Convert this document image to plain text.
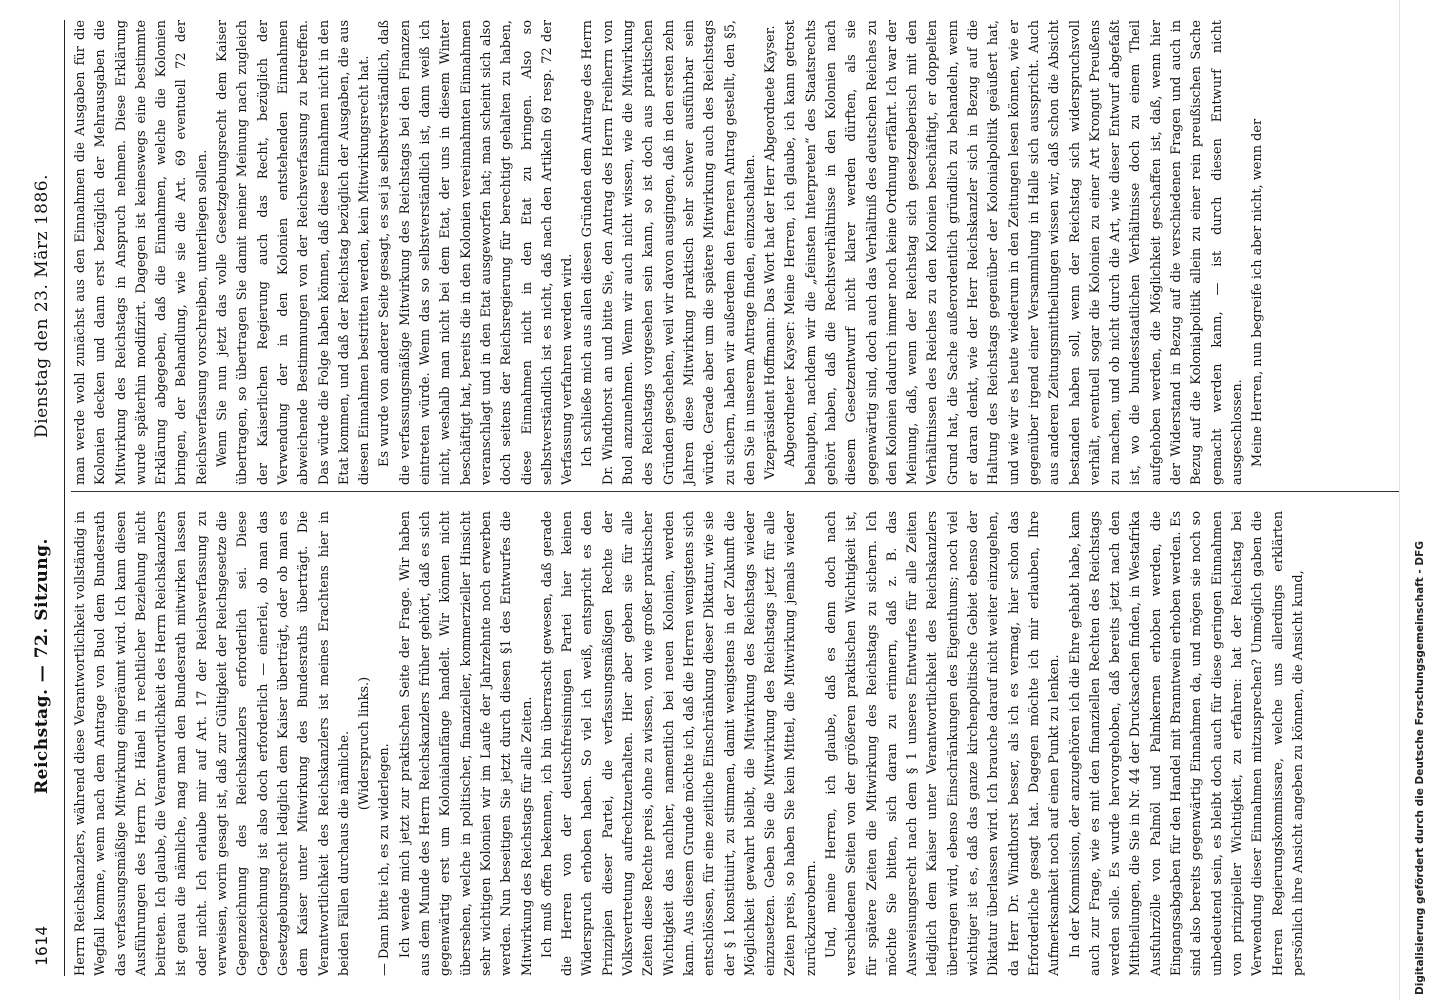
1614
Reichstag. — 72. Sitzung.
Dienstag den 23. März 1886.

Herrn Reichskanzlers, während diese Verantwortlichkeit vollständig in Wegfall komme, wenn nach dem Antrage von Buol dem Bundesrath das verfassungsmäßige Mitwirkung eingeräumt wird. Ich kann diesen Ausführungen des Herrn Dr. Hänel in rechtlicher Beziehung nicht beitreten. Ich glaube, die Verantwortlichkeit des Herrn Reichskanzlers ist genau die nämliche, mag man den Bundesrath mitwirken lassen oder nicht. Ich erlaube mir auf Art. 17 der Reichsverfassung zu verweisen, worin gesagt ist, daß zur Gültigkeit der Reichsgesetze die Gegenzeichnung des Reichskanzlers erforderlich sei. Diese Gegenzeichnung ist also doch erforderlich — einerlei, ob man das Gesetzgebungsrecht lediglich dem Kaiser überträgt, oder ob man es dem Kaiser unter Mitwirkung des Bundesraths überträgt. Die Verantwortlichkeit des Reichskanzlers ist meines Erachtens hier in beiden Fällen durchaus die nämliche. (Widerspruch links.) — Dann bitte ich, es zu widerlegen. Ich wende mich jetzt zur praktischen Seite der Frage. Wir haben aus dem Munde des Herrn Reichskanzlers früher gehört, daß es sich gegenwärtig erst um Kolonialanfänge handelt. Wir können nicht übersehen, welche in politischer, finanzieller, kommerzieller Hinsicht sehr wichtigen Kolonien wir im Laufe der Jahrzehnte noch erwerben werden. Nun beseitigen Sie jetzt durch diesen §1 des Entwurfes die Mitwirkung des Reichstags für alle Zeiten. Ich muß offen bekennen, ich bin überrascht gewesen, daß gerade die Herren von der deutschfreisinnigen Partei hier keinen Widerspruch erhoben haben. So viel ich weiß, entspricht es den Prinzipien dieser Partei, die verfassungsmäßigen Rechte der Volksvertretung aufrechtzuerhalten. Hier aber geben sie für alle Zeiten diese Rechte preis, ohne zu wissen, von wie großer praktischer Wichtigkeit das nachher, namentlich bei neuen Kolonien, werden kann. Aus diesem Grunde möchte ich, daß die Herren wenigstens sich entschlössen, für eine zeitliche Einschränkung dieser Diktatur, wie sie der § 1 konstituirt, zu stimmen, damit wenigstens in der Zukunft die Möglichkeit gewahrt bleibt, die Mitwirkung des Reichstags wieder einzusetzen. Geben Sie die Mitwirkung des Reichstags jetzt für alle Zeiten preis, so haben Sie kein Mittel, die Mitwirkung jemals wieder zurückzuerobern. Und, meine Herren, ich glaube, daß es denn doch nach verschiedenen Seiten von der größeren praktischen Wichtigkeit ist, für spätere Zeiten die Mitwirkung des Reichstags zu sichern. Ich möchte Sie bitten, sich daran zu erinnern, daß z. B. das Ausweisungsrecht nach dem § 1 unseres Entwurfes für alle Zeiten lediglich dem Kaiser unter Verantwortlichkeit des Reichskanzlers übertragen wird, ebenso Einschränkungen des Eigenthums; noch viel wichtiger ist es, daß das ganze kirchenpolitische Gebiet ebenso der Diktatur überlassen wird. Ich brauche darauf nicht weiter einzugehen, da Herr Dr. Windthorst besser, als ich es vermag, hier schon das Erforderliche gesagt hat. Dagegen möchte ich mir erlauben, Ihre Aufmerksamkeit noch auf einen Punkt zu lenken. In der Kommission, der anzugehören ich die Ehre gehabt habe, kam auch zur Frage, wie es mit den finanziellen Rechten des Reichstags werden solle. Es wurde hervorgehoben, daß bereits jetzt nach den Mittheilungen, die Sie in Nr. 44 der Drucksachen finden, in Westafrika Ausfuhrzölle von Palmöl und Palmkernen erhoben werden, die Eingangsabgaben für den Handel mit Branntwein erhoben werden. Es sind also bereits gegenwärtig Einnahmen da, und mögen sie noch so unbedeutend sein, es bleibt doch auch für diese geringen Einnahmen von prinzipieller Wichtigkeit, zu erfahren: hat der Reichstag bei Verwendung dieser Einnahmen mitzusprechen? Unmöglich gaben die Herren Regierungskommissare, welche uns allerdings erklärten persönlich ihre Ansicht angeben zu können, die Ansicht kund,

man werde wohl zunächst aus den Einnahmen die Ausgaben für die Kolonien decken und dann erst bezüglich der Mehrausgaben die Mitwirkung des Reichstags in Anspruch nehmen. Diese Erklärung wurde späterhin modifizirt. Dagegen ist keineswegs eine bestimmte Erklärung abgegeben, daß die Einnahmen, welche die Kolonien bringen, der Behandlung, wie sie die Art. 69 eventuell 72 der Reichsverfassung vorschreiben, unterliegen sollen. Wenn Sie nun jetzt das volle Gesetzgebungsrecht dem Kaiser übertragen, so übertragen Sie damit meiner Meinung nach zugleich der Kaiserlichen Regierung auch das Recht, bezüglich der Verwendung der in den Kolonien entstehenden Einnahmen abweichende Bestimmungen von der Reichsverfassung zu betreffen. Das würde die Folge haben können, daß diese Einnahmen nicht in den Etat kommen, und daß der Reichstag bezüglich der Ausgaben, die aus diesen Einnahmen bestritten werden, kein Mitwirkungsrecht hat. Es wurde von anderer Seite gesagt, es sei ja selbstverständlich, daß die verfassungsmäßige Mitwirkung des Reichstags bei den Finanzen eintreten würde. Wenn das so selbstverständlich ist, dann weiß ich nicht, weshalb man nicht bei dem Etat, der uns in diesem Winter beschäftigt hat, bereits die in den Kolonien vereinnahmten Einnahmen veranschlagt und in den Etat ausgeworfen hat; man scheint sich also doch seitens der Reichsregierung für berechtigt gehalten zu haben, diese Einnahmen nicht in den Etat zu bringen. Also so selbstverständlich ist es nicht, daß nach den Artikeln 69 resp. 72 der Verfassung verfahren werden wird. Ich schließe mich aus allen diesen Gründen dem Antrage des Herrn Dr. Windthorst an und bitte Sie, den Antrag des Herrn Freiherrn von Buol anzunehmen. Wenn wir auch nicht wissen, wie die Mitwirkung des Reichstags vorgesehen sein kann, so ist doch aus praktischen Gründen geschehen, weil wir davon ausgingen, daß in den ersten zehn Jahren diese Mitwirkung praktisch sehr schwer ausführbar sein würde. Gerade aber um die spätere Mitwirkung auch des Reichstags zu sichern, haben wir außerdem den ferneren Antrag gestellt, den §5, den Sie in unserem Antrage finden, einzuschalten. Vizepräsident Hoffmann: Das Wort hat der Herr Abgeordnete Kayser. Abgeordneter Kayser: Meine Herren, ich glaube, ich kann getrost behaupten, nachdem wir die „feinsten Interpreten“ des Staatsrechts gehört haben, daß die Rechtsverhältnisse in den Kolonien nach diesem Gesetzentwurf nicht klarer werden dürften, als sie gegenwärtig sind, doch auch das Verhältniß des deutschen Reiches zu den Kolonien dadurch immer noch keine Ordnung erfährt. Ich war der Meinung, daß, wenn der Reichstag sich gesetzgeberisch mit den Verhältnissen des Reiches zu den Kolonien beschäftigt, er doppelten Grund hat, die Sache außerordentlich gründlich zu behandeln, wenn er daran denkt, wie der Herr Reichskanzler sich in Bezug auf die Haltung des Reichstags gegenüber der Kolonialpolitik geäußert hat, und wie wir es heute wiederum in den Zeitungen lesen können, wie er gegenüber irgend einer Versammlung in Halle sich ausspricht. Auch aus anderen Zeitungsmittheilungen wissen wir, daß schon die Absicht bestanden haben soll, wenn der Reichstag sich widerspruchsvoll verhält, eventuell sogar die Kolonien zu einer Art Krongut Preußens zu machen, und ob nicht durch die Art, wie dieser Entwurf abgefaßt ist, wo die bundesstaatlichen Verhältnisse doch zu einem Theil aufgehoben werden, die Möglichkeit geschaffen ist, daß, wenn hier der Widerstand in Bezug auf die verschiedenen Fragen und auch in Bezug auf die Kolonialpolitik allein zu einer rein preußischen Sache gemacht werden kann, — ist durch diesen Entwurf nicht ausgeschlossen. Meine Herren, nun begreife ich aber nicht, wenn der

Digitalisierung gefördert durch die Deutsche Forschungsgemeinschaft - DFG
